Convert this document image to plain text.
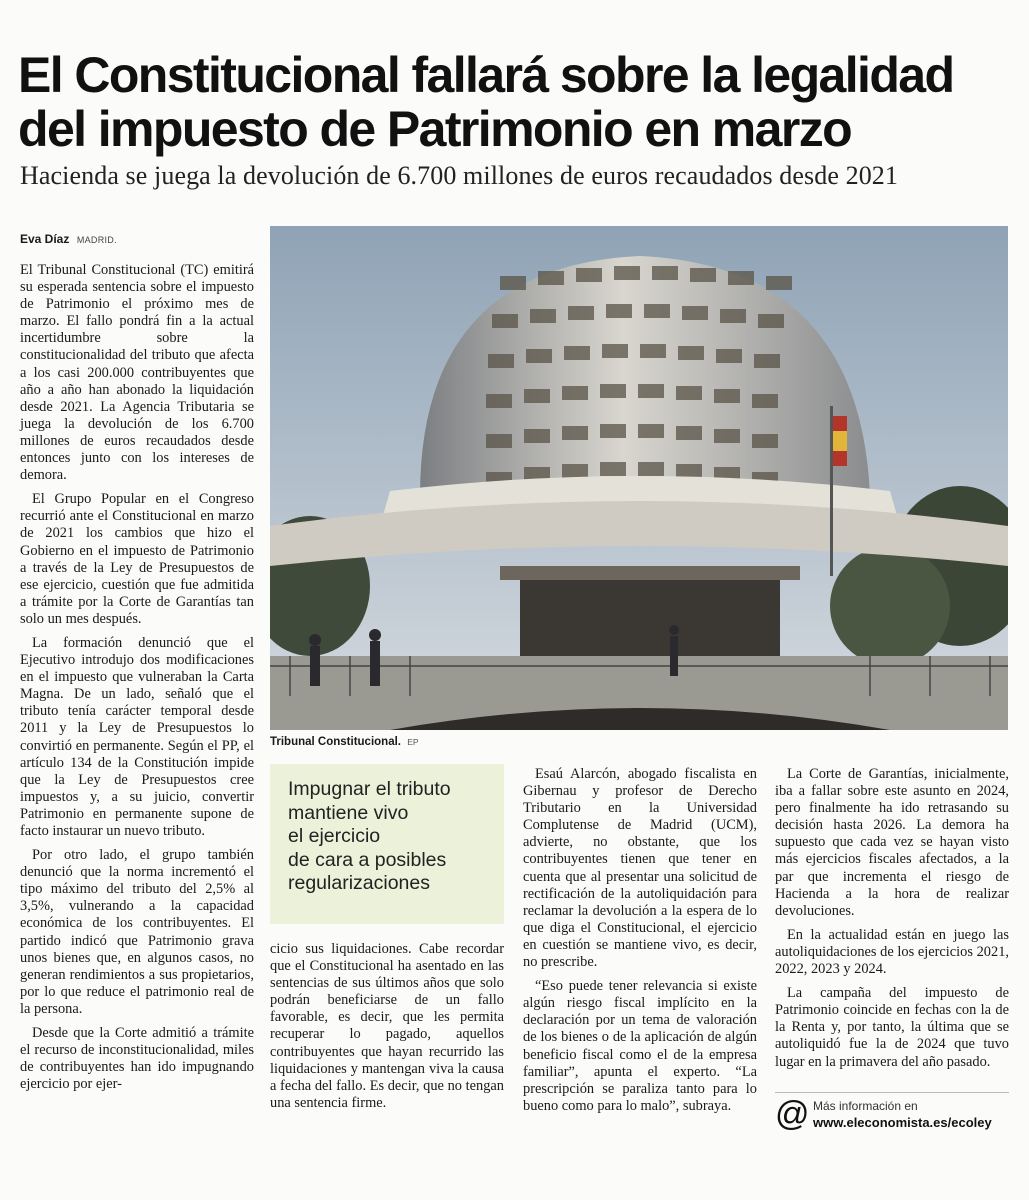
El Constitucional fallará sobre la legalidad
del impuesto de Patrimonio en marzo
Hacienda se juega la devolución de 6.700 millones de euros recaudados desde 2021
Eva Díaz MADRID.

El Tribunal Constitucional (TC) emitirá su esperada sentencia sobre el impuesto de Patrimonio el próximo mes de marzo. El fallo pondrá fin a la actual incertidumbre sobre la constitucionalidad del tributo que afecta a los casi 200.000 contribuyentes que año a año han abonado la liquidación desde 2021. La Agencia Tributaria se juega la devolución de los 6.700 millones de euros recaudados desde entonces junto con los intereses de demora.

El Grupo Popular en el Congreso recurrió ante el Constitucional en marzo de 2021 los cambios que hizo el Gobierno en el impuesto de Patrimonio a través de la Ley de Presupuestos de ese ejercicio, cuestión que fue admitida a trámite por la Corte de Garantías tan solo un mes después.

La formación denunció que el Ejecutivo introdujo dos modificaciones en el impuesto que vulneraban la Carta Magna. De un lado, señaló que el tributo tenía carácter temporal desde 2011 y la Ley de Presupuestos lo convirtió en permanente. Según el PP, el artículo 134 de la Constitución impide que la Ley de Presupuestos cree impuestos y, a su juicio, convertir Patrimonio en permanente supone de facto instaurar un nuevo tributo.

Por otro lado, el grupo también denunció que la norma incrementó el tipo máximo del tributo del 2,5% al 3,5%, vulnerando a la capacidad económica de los contribuyentes. El partido indicó que Patrimonio grava unos bienes que, en algunos casos, no generan rendimientos a sus propietarios, por lo que reduce el patrimonio real de la persona.

Desde que la Corte admitió a trámite el recurso de inconstitucionalidad, miles de contribuyentes han ido impugnando ejercicio por ejer-

Tribunal Constitucional. EP
Impugnar el tributo
mantiene vivo
el ejercicio
de cara a posibles
regularizaciones

cicio sus liquidaciones. Cabe recordar que el Constitucional ha asentado en las sentencias de sus últimos años que solo podrán beneficiarse de un fallo favorable, es decir, que les permita recuperar lo pagado, aquellos contribuyentes que hayan recurrido las liquidaciones y mantengan viva la causa a fecha del fallo. Es decir, que no tengan una sentencia firme.

Esaú Alarcón, abogado fiscalista en Gibernau y profesor de Derecho Tributario en la Universidad Complutense de Madrid (UCM), advierte, no obstante, que los contribuyentes tienen que tener en cuenta que al presentar una solicitud de rectificación de la autoliquidación para reclamar la devolución a la espera de lo que diga el Constitucional, el ejercicio en cuestión se mantiene vivo, es decir, no prescribe.

“Eso puede tener relevancia si existe algún riesgo fiscal implícito en la declaración por un tema de valoración de los bienes o de la aplicación de algún beneficio fiscal como el de la empresa familiar”, apunta el experto. “La prescripción se paraliza tanto para lo bueno como para lo malo”, subraya.

La Corte de Garantías, inicialmente, iba a fallar sobre este asunto en 2024, pero finalmente ha ido retrasando su decisión hasta 2026. La demora ha supuesto que cada vez se hayan visto más ejercicios fiscales afectados, a la par que incrementa el riesgo de Hacienda a la hora de realizar devoluciones.

En la actualidad están en juego las autoliquidaciones de los ejercicios 2021, 2022, 2023 y 2024.

La campaña del impuesto de Patrimonio coincide en fechas con la de la Renta y, por tanto, la última que se autoliquidó fue la de 2024 que tuvo lugar en la primavera del año pasado.

@ Más información en
www.eleconomista.es/ecoley
